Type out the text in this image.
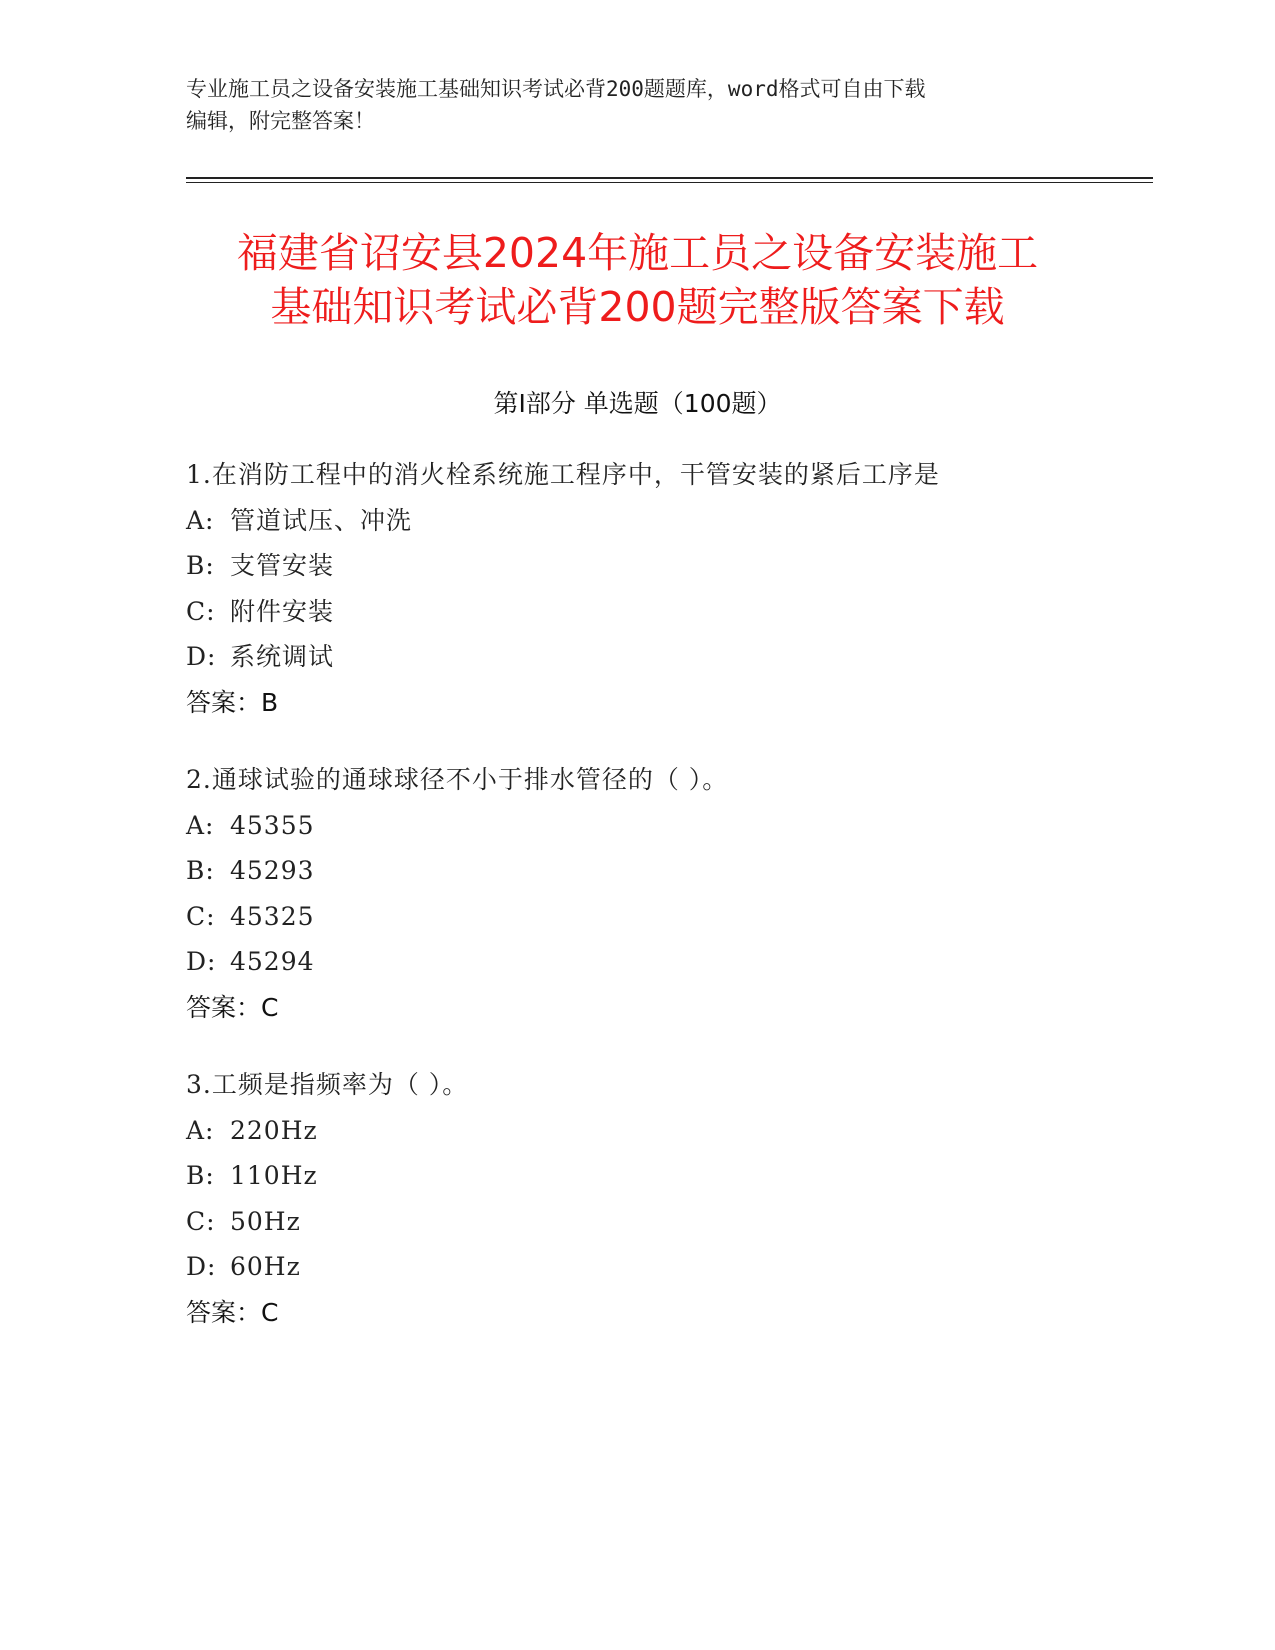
专业施工员之设备安装施工基础知识考试必背200题题库，word格式可自由下载
编辑，附完整答案！
福建省诏安县2024年施工员之设备安装施工
基础知识考试必背200题完整版答案下载
第Ⅰ部分 单选题（100题）
1.在消防工程中的消火栓系统施工程序中，干管安装的紧后工序是
A: 管道试压、冲洗
B: 支管安装
C: 附件安装
D: 系统调试
答案：B
2.通球试验的通球球径不小于排水管径的（ ）。
A: 45355
B: 45293
C: 45325
D: 45294
答案：C
3.工频是指频率为（ ）。
A: 220Hz
B: 110Hz
C: 50Hz
D: 60Hz
答案：C
